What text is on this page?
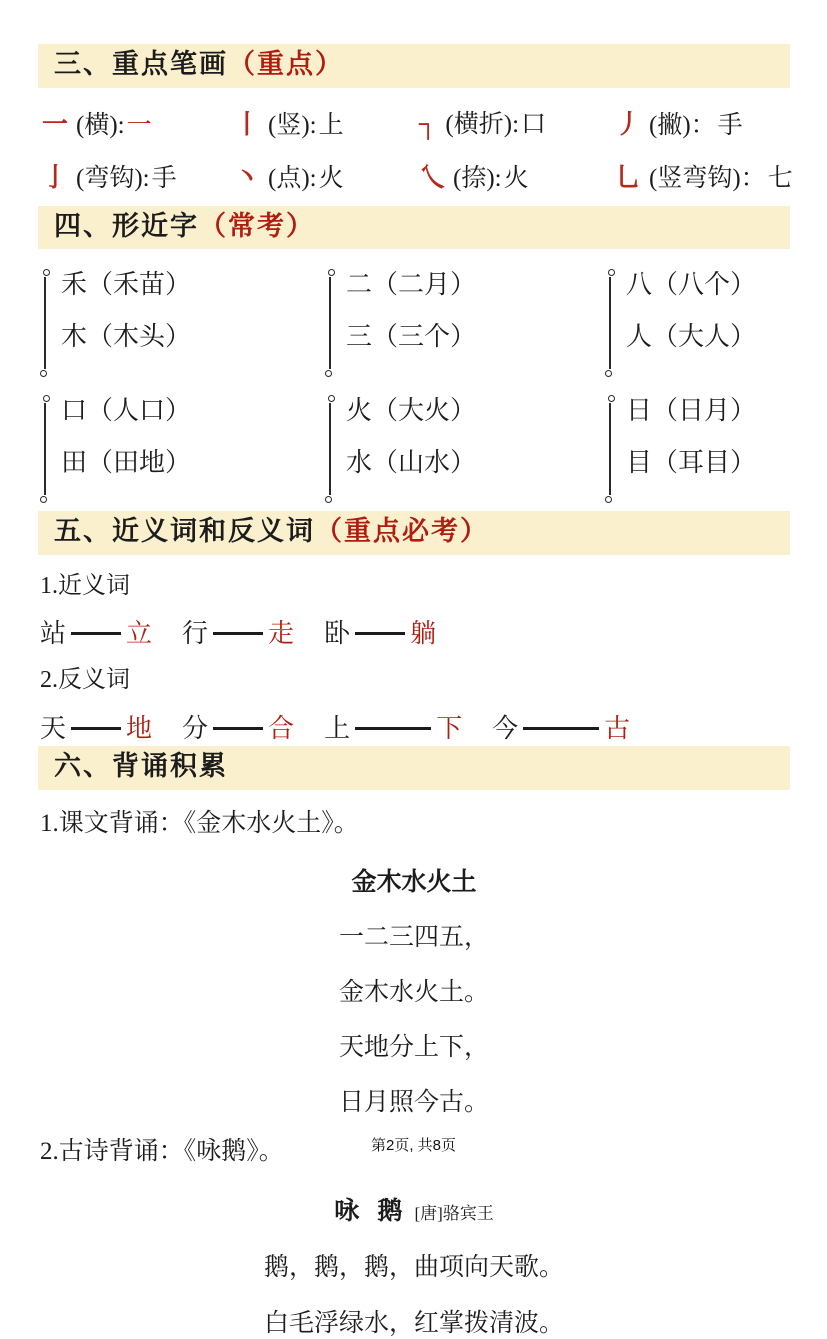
三、重点笔画（重点）
一 (横):一	丨 (竖):上	┐ (横折):口	丿 (撇)：手
亅 (弯钩):手	丶 (点):火	乀 (捺):火	乚 (竖弯钩)：七
四、形近字（常考）
禾（禾苗）
木（木头）
二（二月）
三（三个）
八（八个）
人（大人）
口（人口）
田（田地）
火（大火）
水（山水）
日（日月）
目（耳目）
五、近义词和反义词（重点必考）
1.近义词
站 立 行 走 卧 躺
2.反义词
天 地 分 合 上	下 今	古
六、背诵积累
1.课文背诵：《金木水火土》。
金木水火土
一二三四五，
金木水火土。
天地分上下，
日月照今古。
2.古诗背诵：《咏鹅》。
咏 鹅 [唐]骆宾王
鹅，鹅，鹅，曲项向天歌。
白毛浮绿水，红掌拨清波。
第2页, 共8页
